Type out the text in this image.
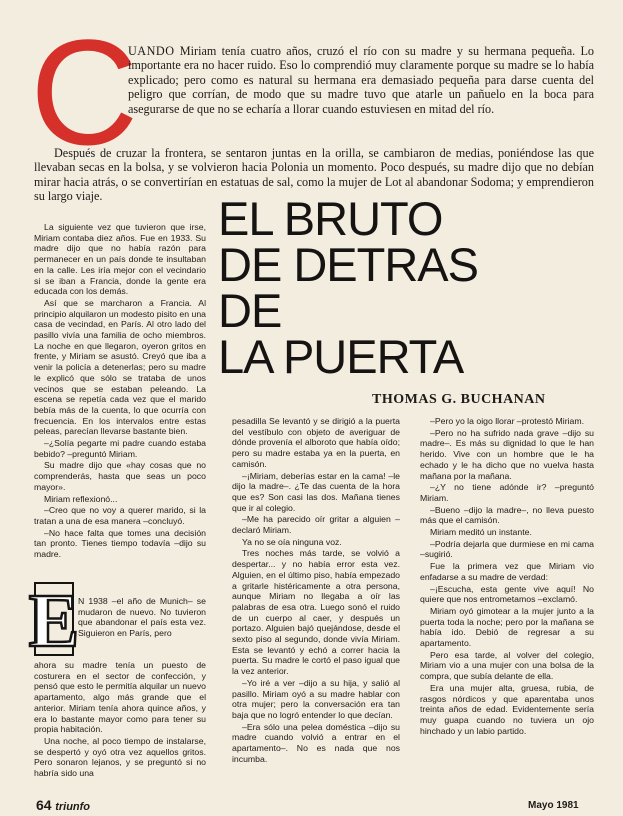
C

UANDO Miriam tenía cuatro años, cruzó el río con su madre y su hermana pequeña. Lo importante era no hacer ruido. Eso lo comprendió muy claramente porque su madre se lo había explicado; pero como es natural su hermana era demasiado pequeña para darse cuenta del peligro que corrían, de modo que su madre tuvo que atarle un pañuelo en la boca para asegurarse de que no se echaría a llorar cuando estuviesen en mitad del río.

Después de cruzar la frontera, se sentaron juntas en la orilla, se cambiaron de medias, poniéndose las que llevaban secas en la bolsa, y se volvieron hacia Polonia un momento. Poco después, su madre dijo que no debían mirar hacia atrás, o se convertirían en estatuas de sal, como la mujer de Lot al abandonar Sodoma; y emprendieron su largo viaje.	EL BRUTO
DE DETRAS
DE
LA PUERTA
THOMAS G. BUCHANAN

La siguiente vez que tuvieron que irse, Miriam contaba diez años. Fue en 1933. Su madre dijo que no había razón para permanecer en un país donde te insultaban en la calle. Les iría mejor con el vecindario si se iban a Francia, donde la gente era educada con los demás.

Así que se marcharon a Francia. Al principio alquilaron un modesto pisito en una casa de vecindad, en París. Al otro lado del pasillo vivía una familia de ocho miembros. La noche en que llegaron, oyeron gritos en frente, y Miriam se asustó. Creyó que iba a venir la policía a detenerlas; pero su madre le explicó que sólo se trataba de unos vecinos que se estaban peleando. La escena se repetía cada vez que el marido bebía más de la cuenta, lo que ocurría con frecuencia. En los intervalos entre estas peleas, parecían llevarse bastante bien.

–¿Solía pegarte mi padre cuando estaba bebido? –preguntó Miriam.

Su madre dijo que «hay cosas que no comprenderás, hasta que seas un poco mayor».

Miriam reflexionó...

–Creo que no voy a querer marido, si la tratan a una de esa manera –concluyó.

–No hace falta que tomes una decisión tan pronto. Tienes tiempo todavía –dijo su madre.

E

N 1938 –el año de Munich– se mudaron de nuevo. No tuvieron que abandonar el país esta vez. Siguieron en París, pero

ahora su madre tenía un puesto de costurera en el sector de confección, y pensó que esto le permitía alquilar un nuevo apartamento, algo más grande que el anterior. Miriam tenía ahora quince años, y era lo bastante mayor como para tener su propia habitación.

Una noche, al poco tiempo de instalarse, se despertó y oyó otra vez aquellos gritos. Pero sonaron lejanos, y se preguntó si no habría sido una

pesadilla Se levantó y se dirigió a la puerta del vestíbulo con objeto de averiguar de dónde provenía el alboroto que había oído; pero su madre estaba ya en la puerta, en camisón.

–¡Miriam, deberías estar en la cama! –le dijo la madre–. ¿Te das cuenta de la hora que es? Son casi las dos. Mañana tienes que ir al colegio.

–Me ha parecido oír gritar a alguien –declaró Miriam.

Ya no se oía ninguna voz.

Tres noches más tarde, se volvió a despertar... y no había error esta vez. Alguien, en el último piso, había empezado a gritarle histéricamente a otra persona, aunque Miriam no llegaba a oír las palabras de esa otra. Luego sonó el ruido de un cuerpo al caer, y después un portazo. Alguien bajó quejándose, desde el sexto piso al segundo, donde vivía Miriam. Esta se levantó y echó a correr hacia la puerta. Su madre le cortó el paso igual que la vez anterior.

–Yo iré a ver –dijo a su hija, y salió al pasillo. Miriam oyó a su madre hablar con otra mujer; pero la conversación era tan baja que no logró entender lo que decían.

–Era sólo una pelea doméstica –dijo su madre cuando volvió a entrar en el apartamento–. No es nada que nos incumba.

–Pero yo la oigo llorar –protestó Miriam.

–Pero no ha sufrido nada grave –dijo su madre–. Es más su dignidad lo que le han herido. Vive con un hombre que le ha echado y le ha dicho que no vuelva hasta mañana por la mañana.

–¿Y no tiene adónde ir? –preguntó Miriam.

–Bueno –dijo la madre–, no lleva puesto más que el camisón.

Miriam meditó un instante.

–Podría dejarla que durmiese en mi cama –sugirió.

Fue la primera vez que Miriam vio enfadarse a su madre de verdad:

–¡Escucha, esta gente vive aquí! No quiere que nos entrometamos –exclamó.

Miriam oyó gimotear a la mujer junto a la puerta toda la noche; pero por la mañana se había ido. Debió de regresar a su apartamento.

Pero esa tarde, al volver del colegio, Miriam vio a una mujer con una bolsa de la compra, que subía delante de ella.

Era una mujer alta, gruesa, rubia, de rasgos nórdicos y que aparentaba unos treinta años de edad. Evidentemente sería muy guapa cuando no tuviera un ojo hinchado y un labio partido.

64 triunfo	Mayo 1981
